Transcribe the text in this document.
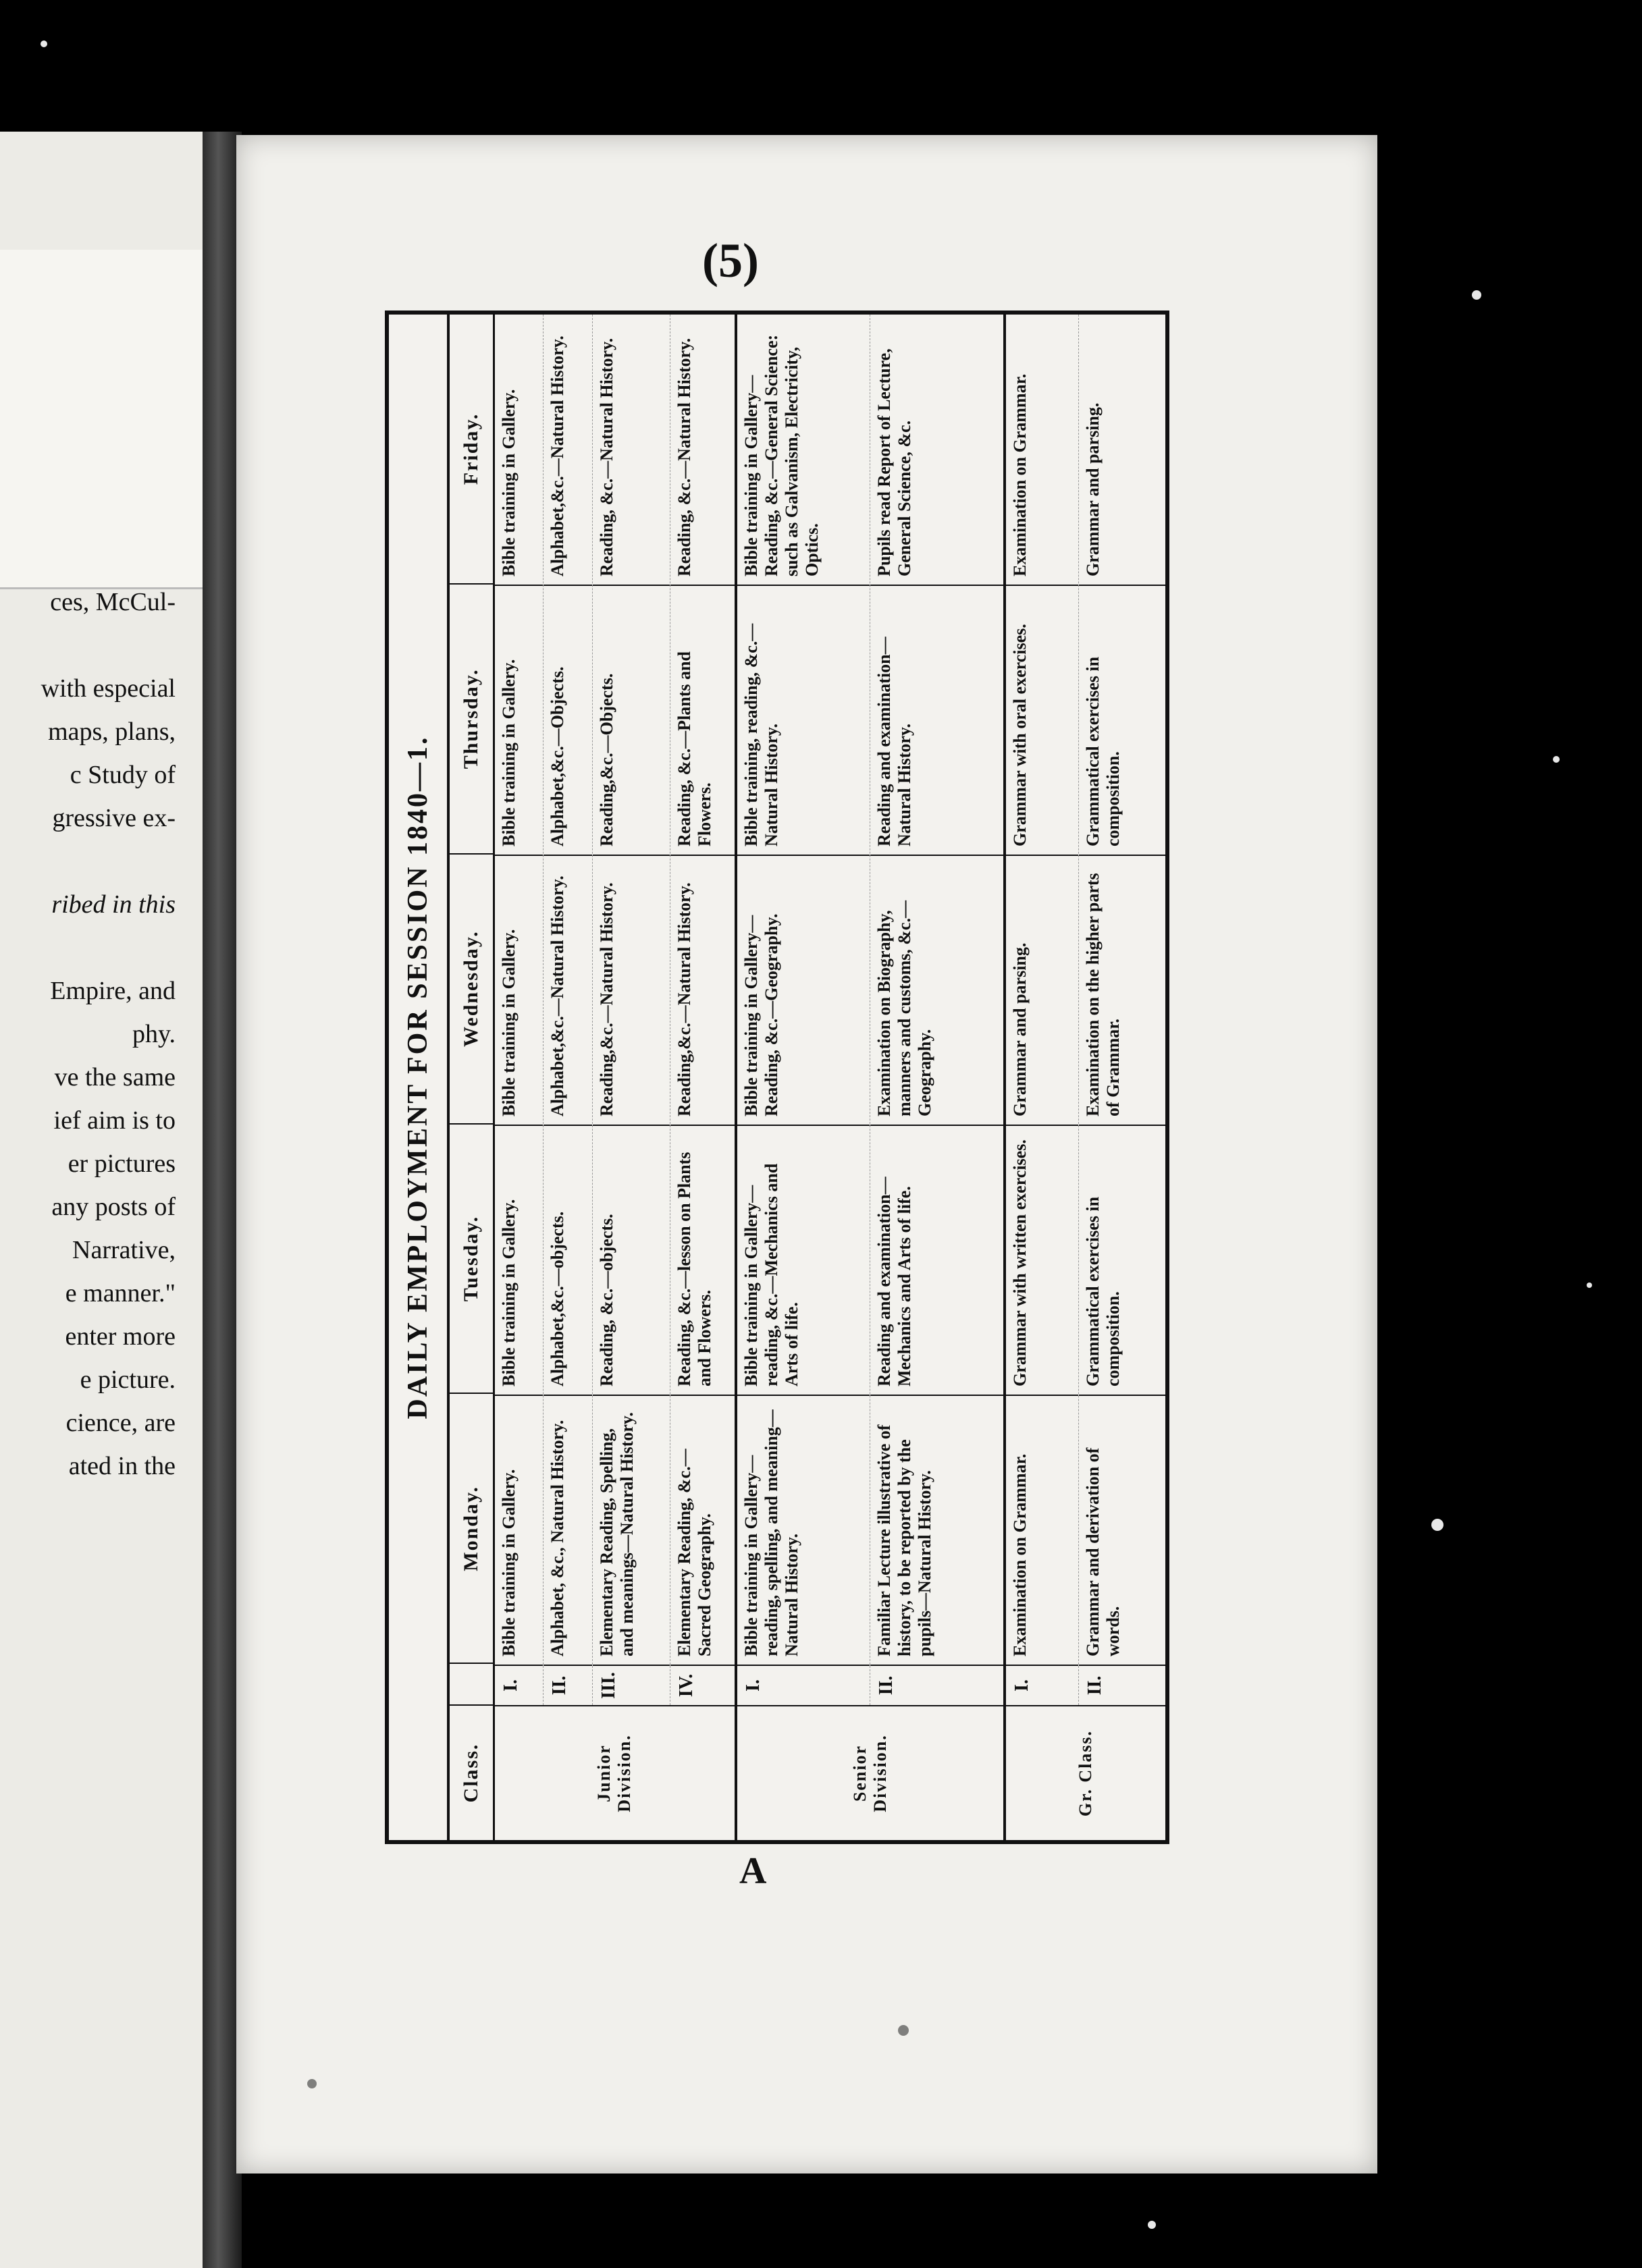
ces, McCul-

with especial
maps, plans,
c Study of
gressive ex-

ribed in this

Empire, and
phy.
ve the same
ief aim is to
er pictures
any posts of
Narrative,
e manner."
enter more
e picture.
cience, are
ated in the
(5)
DAILY EMPLOYMENT FOR SESSION 1840—1.
Class.
Monday.
Tuesday.
Wednesday.
Thursday.
Friday.
Junior Division.
I.
Bible training in Gallery.
Bible training in Gallery.
Bible training in Gallery.
Bible training in Gallery.
Bible training in Gallery.
II.
Alphabet, &c., Natural History.
Alphabet,&c.—objects.
Alphabet,&c.—Natural History.
Alphabet,&c.—Objects.
Alphabet,&c.—Natural History.
III.
Elementary Reading, Spelling, and meanings—Natural History.
Reading, &c.—objects.
Reading,&c.—Natural History.
Reading,&c.—Objects.
Reading, &c.—Natural History.
IV.
Elementary Reading, &c.—Sacred Geography.
Reading, &c.—lesson on Plants and Flowers.
Reading,&c.—Natural History.
Reading, &c.—Plants and Flowers.
Reading, &c.—Natural History.
Senior Division.
I.
Bible training in Gallery—reading, spelling, and meaning—Natural History.
Bible training in Gallery—reading, &c.—Mechanics and Arts of life.
Bible training in Gallery—Reading, &c.—Geography.
Bible training, reading, &c.—Natural History.
Bible training in Gallery—Reading, &c.—General Science: such as Galvanism, Electricity, Optics.
II.
Familiar Lecture illustrative of history, to be reported by the pupils—Natural History.
Reading and examination—Mechanics and Arts of life.
Examination on Biography, manners and customs, &c.—Geography.
Reading and examination—Natural History.
Pupils read Report of Lecture, General Science, &c.
Gr. Class.
I.
Examination on Grammar.
Grammar with written exercises.
Grammar and parsing.
Grammar with oral exercises.
Examination on Grammar.
II.
Grammar and derivation of words.
Grammatical exercises in composition.
Examination on the higher parts of Grammar.
Grammatical exercises in composition.
Grammar and parsing.
A
